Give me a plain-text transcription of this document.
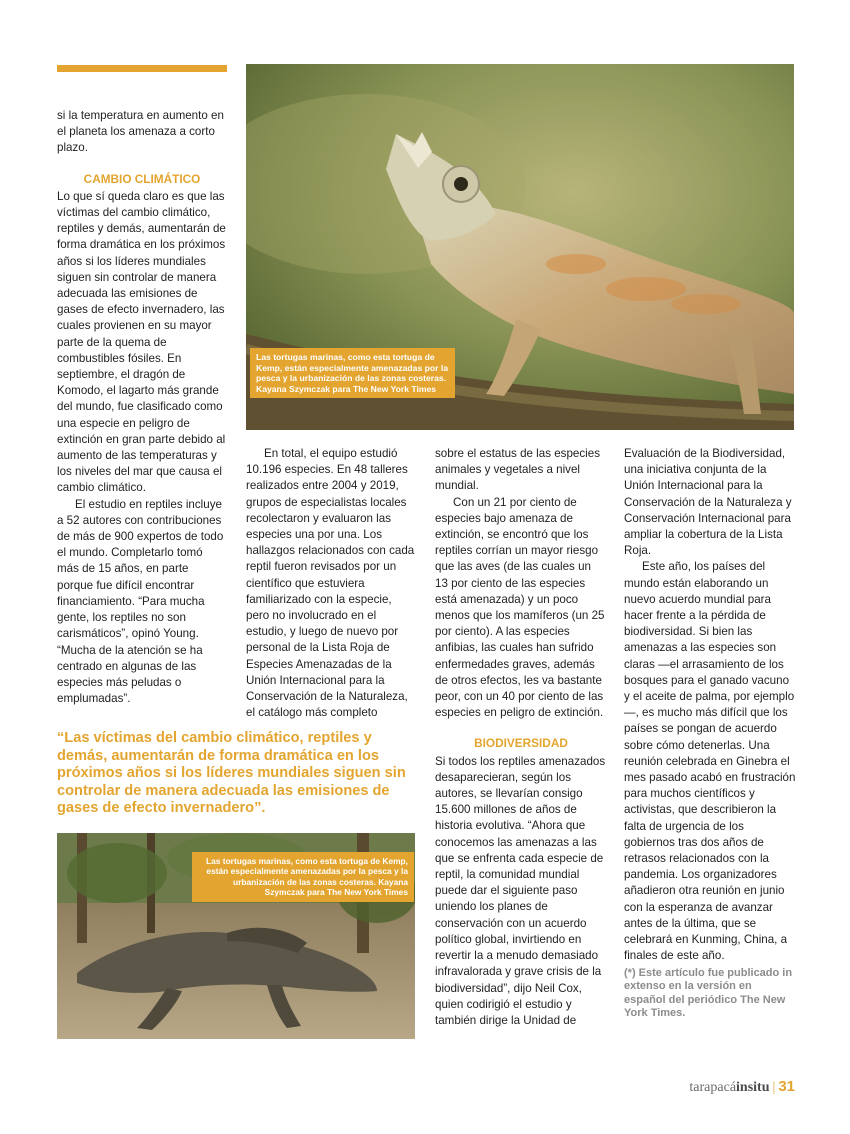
Las tortugas marinas, como esta tortuga de Kemp, están especialmente amenazadas por la pesca y la urbanización de las zonas costeras. Kayana Szymczak para The New York Times

si la temperatura en aumento en el planeta los amenaza a corto plazo.

CAMBIO CLIMÁTICO

Lo que sí queda claro es que las víctimas del cambio climático, reptiles y demás, aumentarán de forma dramática en los próximos años si los líderes mundiales siguen sin controlar de manera adecuada las emisiones de gases de efecto invernadero, las cuales provienen en su mayor parte de la quema de combustibles fósiles. En septiembre, el dragón de Komodo, el lagarto más grande del mundo, fue clasificado como una especie en peligro de extinción en gran parte debido al aumento de las temperaturas y los niveles del mar que causa el cambio climático.

El estudio en reptiles incluye a 52 autores con contribuciones de más de 900 expertos de todo el mundo. Completarlo tomó más de 15 años, en parte porque fue difícil encontrar financiamiento. “Para mucha gente, los reptiles no son carismáticos”, opinó Young. “Mucha de la atención se ha centrado en algunas de las especies más peludas o emplumadas”.

En total, el equipo estudió 10.196 especies. En 48 talleres realizados entre 2004 y 2019, grupos de especialistas locales recolectaron y evaluaron las especies una por una. Los hallazgos relacionados con cada reptil fueron revisados por un científico que estuviera familiarizado con la especie, pero no involucrado en el estudio, y luego de nuevo por personal de la Lista Roja de Especies Amenazadas de la Unión Internacional para la Conservación de la Naturaleza, el catálogo más completo

sobre el estatus de las especies animales y vegetales a nivel mundial.

Con un 21 por ciento de especies bajo amenaza de extinción, se encontró que los reptiles corrían un mayor riesgo que las aves (de las cuales un 13 por ciento de las especies está amenazada) y un poco menos que los mamíferos (un 25 por ciento). A las especies anfibias, las cuales han sufrido enfermedades graves, además de otros efectos, les va bastante peor, con un 40 por ciento de las especies en peligro de extinción.

BIODIVERSIDAD

Si todos los reptiles amenazados desaparecieran, según los autores, se llevarían consigo 15.600 millones de años de historia evolutiva. “Ahora que conocemos las amenazas a las que se enfrenta cada especie de reptil, la comunidad mundial puede dar el siguiente paso uniendo los planes de conservación con un acuerdo político global, invirtiendo en revertir la a menudo demasiado infravalorada y grave crisis de la biodiversidad”, dijo Neil Cox, quien codirigió el estudio y también dirige la Unidad de

Evaluación de la Biodiversidad, una iniciativa conjunta de la Unión Internacional para la Conservación de la Naturaleza y Conservación Internacional para ampliar la cobertura de la Lista Roja.

Este año, los países del mundo están elaborando un nuevo acuerdo mundial para hacer frente a la pérdida de biodiversidad. Si bien las amenazas a las especies son claras —el arrasamiento de los bosques para el ganado vacuno y el aceite de palma, por ejemplo—, es mucho más difícil que los países se pongan de acuerdo sobre cómo detenerlas. Una reunión celebrada en Ginebra el mes pasado acabó en frustración para muchos científicos y activistas, que describieron la falta de urgencia de los gobiernos tras dos años de retrasos relacionados con la pandemia. Los organizadores añadieron otra reunión en junio con la esperanza de avanzar antes de la última, que se celebrará en Kunming, China, a finales de este año.

(*) Este artículo fue publicado in extenso en la versión en español del periódico The New York Times.

“Las víctimas del cambio climático, reptiles y demás, aumentarán de forma dramática en los próximos años si los líderes mundiales siguen sin controlar de manera adecuada las emisiones de gases de efecto invernadero”.
Las tortugas marinas, como esta tortuga de Kemp, están especialmente amenazadas por la pesca y la urbanización de las zonas costeras. Kayana Szymczak para The New York Times
tarapacáinsitu | 31
